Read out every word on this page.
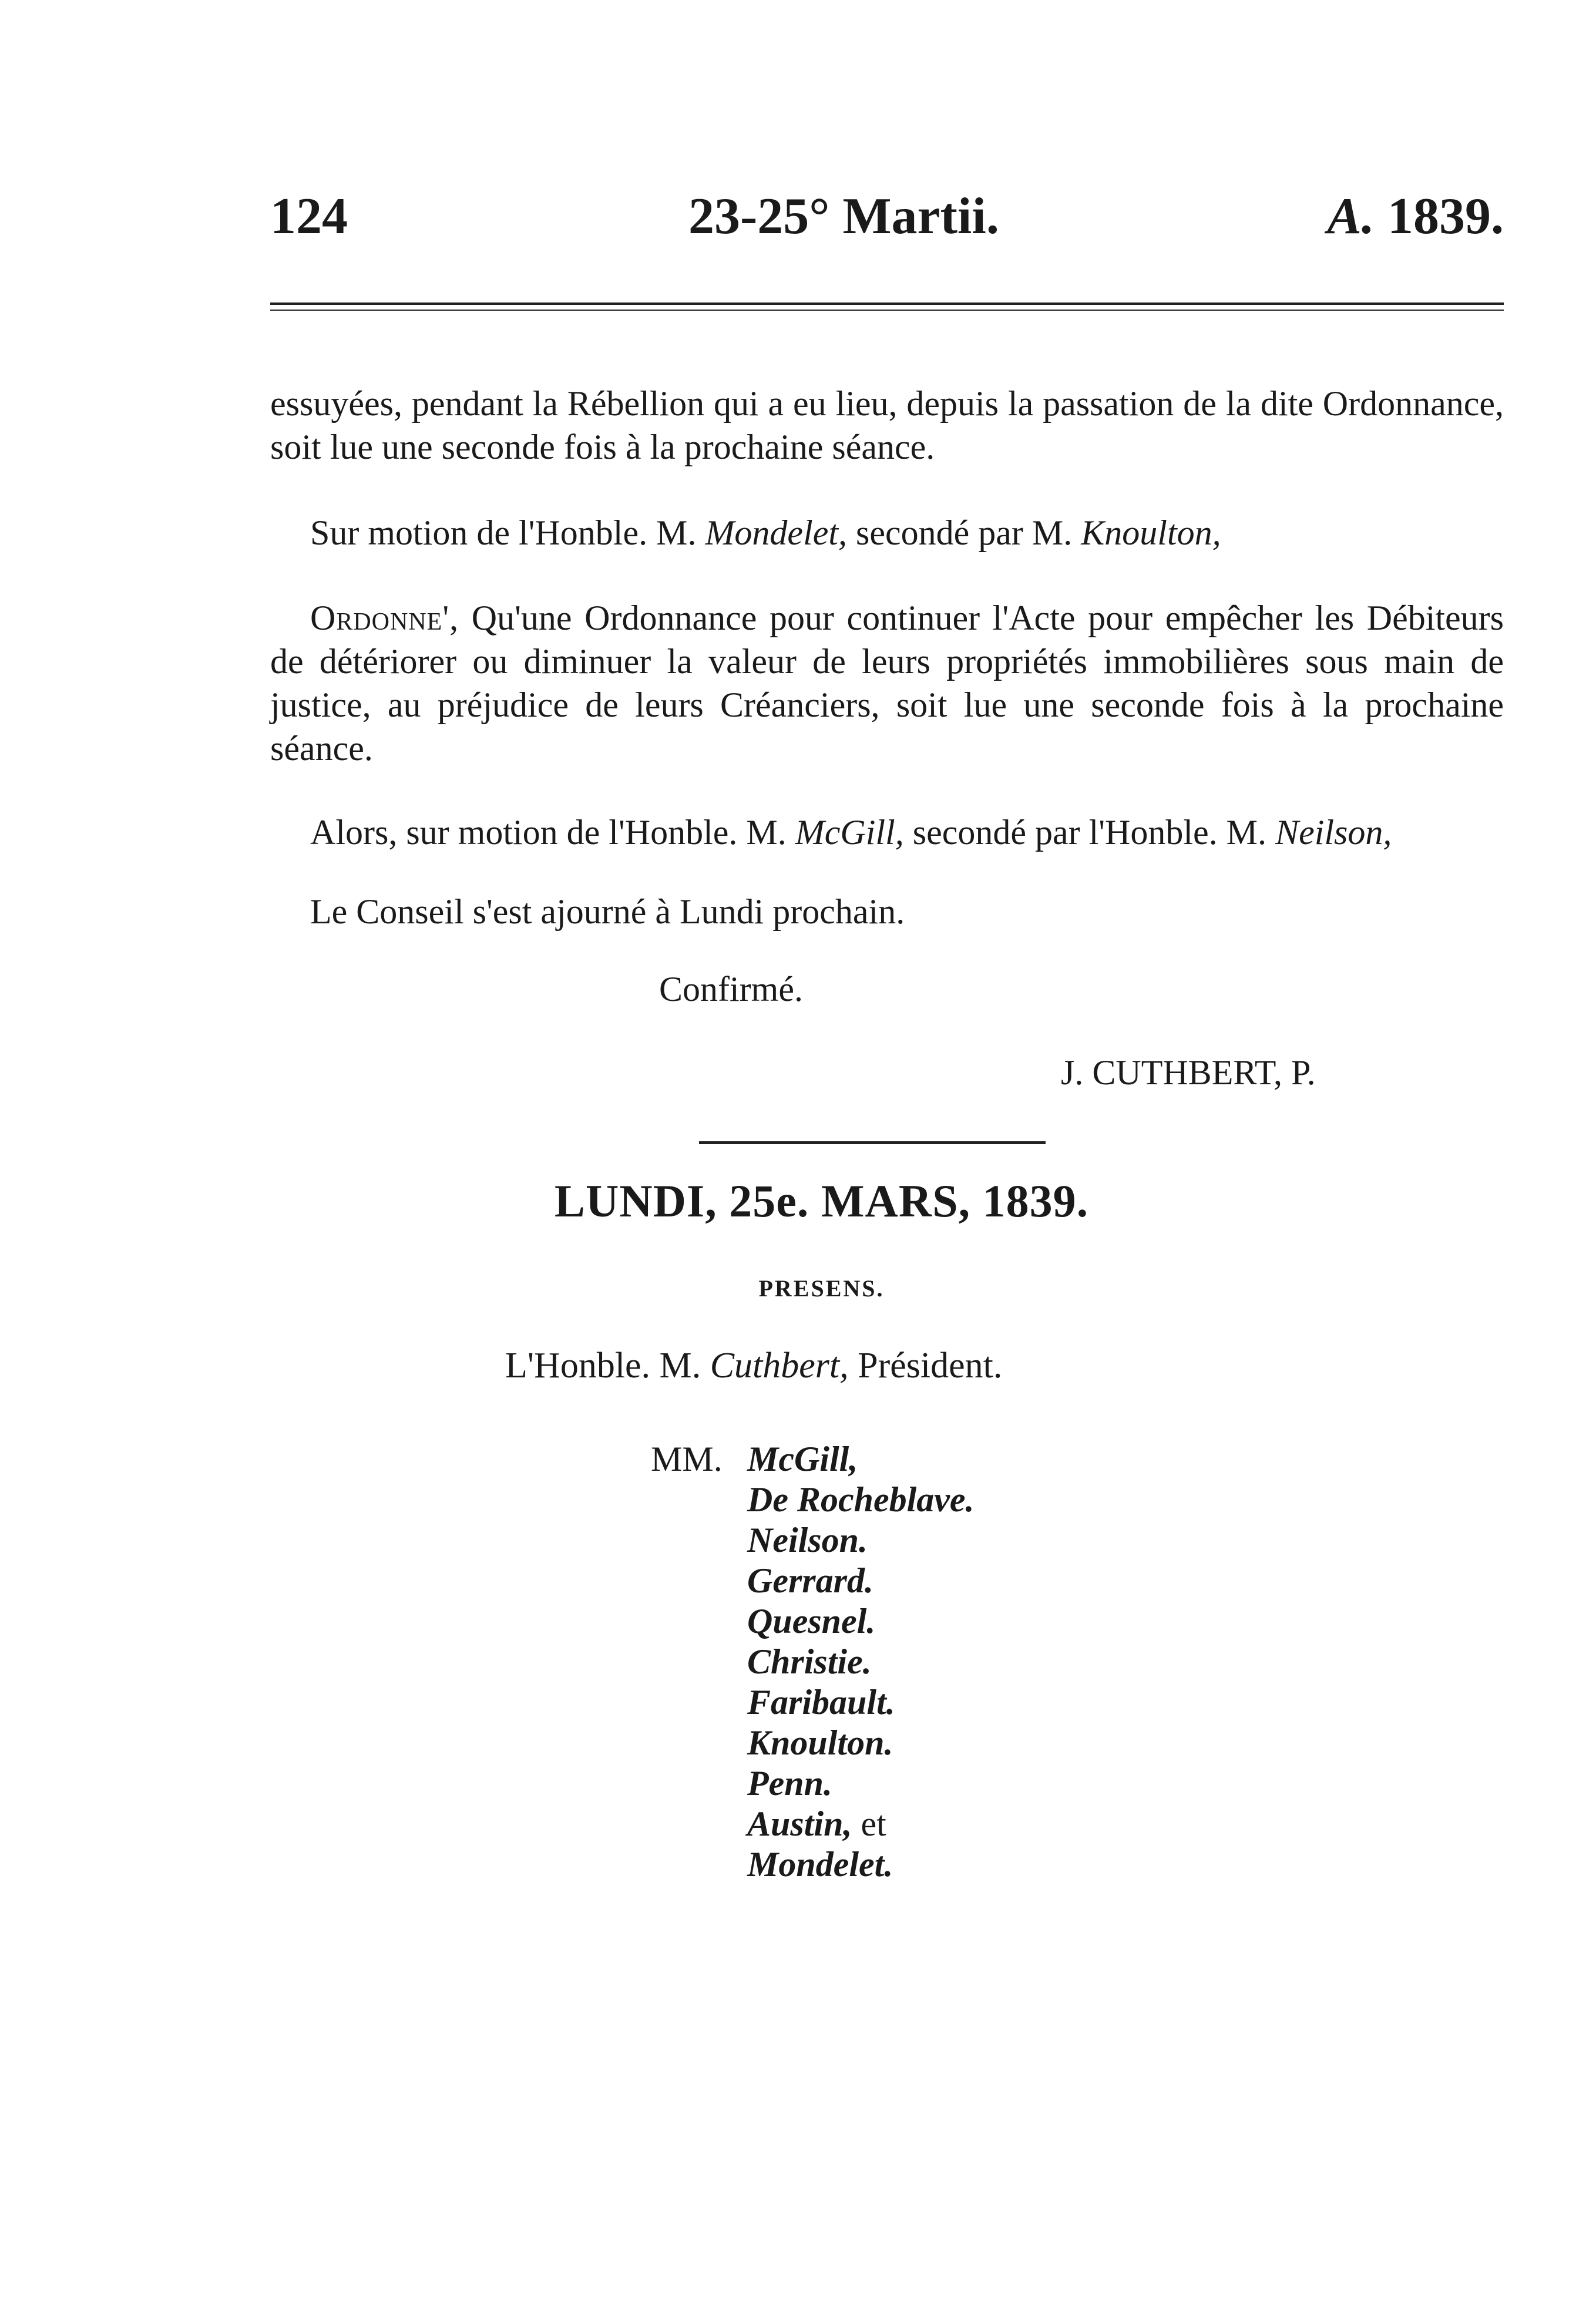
124	23-25° Martii.	A. 1839.

essuyées, pendant la Rébellion qui a eu lieu, depuis la passation de la dite Ordonnance, soit lue une seconde fois à la prochaine séance.

Sur motion de l'Honble. M. Mondelet, secondé par M. Knoulton,

Ordonne', Qu'une Ordonnance pour continuer l'Acte pour empêcher les Débiteurs de détériorer ou diminuer la valeur de leurs propriétés immobilières sous main de justice, au préjudice de leurs Créanciers, soit lue une seconde fois à la prochaine séance.

Alors, sur motion de l'Honble. M. McGill, secondé par l'Honble. M. Neilson,

Le Conseil s'est ajourné à Lundi prochain.

Confirmé.
J. CUTHBERT, P.
LUNDI, 25e. MARS, 1839.
PRESENS.
L'Honble. M. Cuthbert, Président.
MM. McGill,
De Rocheblave.
Neilson.
Gerrard.
Quesnel.
Christie.
Faribault.
Knoulton.
Penn.
Austin, et
Mondelet.
